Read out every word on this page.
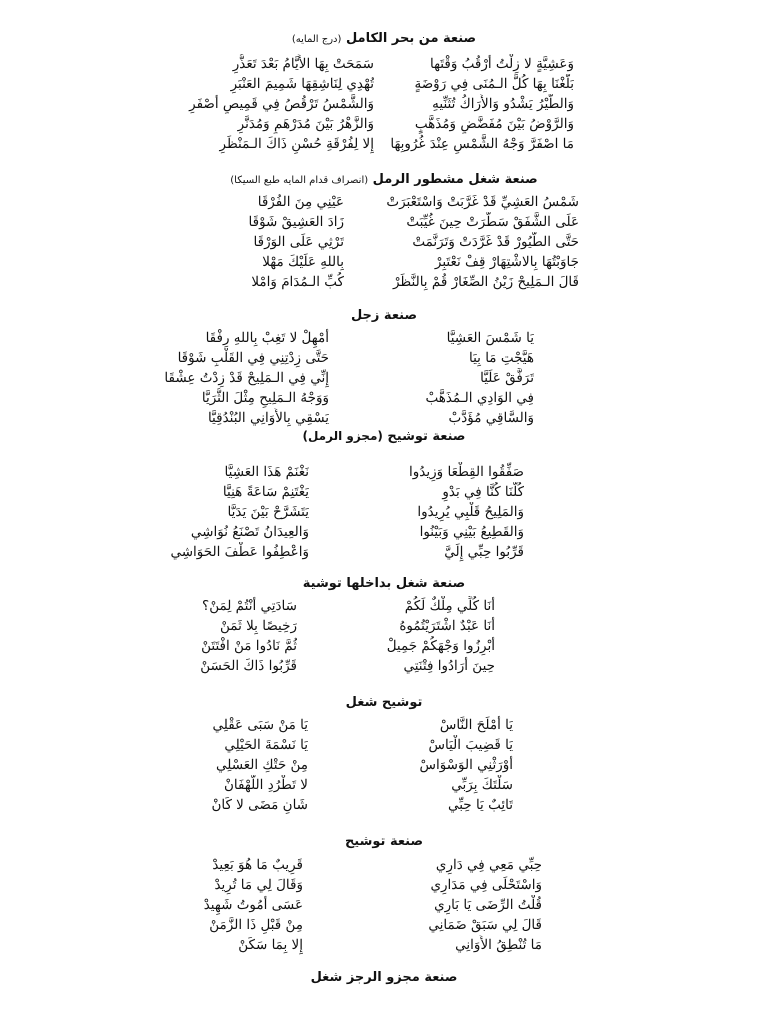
صنعة من بحر الكامل (درج المايه)
وَعَشِيَّةٍ لا زِلْتُ أَرْقُبُ وَقْتَها
سَمَحَتْ بِهَا الأَيَّامُ بَعْدَ تَعَذُّرِ
بَلَّغْنَا بِهَا كُلَّ الـمُنَى فِي رَوْضَةٍ
تُهْدِي لِنَاشِقِهَا شَمِيمَ العَنْبَرِ
وَالطَّيْرُ يَشْدُو وَالأَرَاكُ تُثَنِّيهِ
وَالشَّمْسُ تَرْقُصُ فِي قَمِيصٍ أَصْفَرِ
وَالرَّوْضُ بَيْنَ مُفَضَّضٍ وَمُذَهَّبٍ
وَالزَّهْرُ بَيْنَ مُدَرْهَمٍ وَمُدَنَّرِ
مَا اصْفَرَّ وَجْهُ الشَّمْسِ عِنْدَ غُرُوبِهَا
إِلا لِفُرْقَةِ حُسْنِ ذَاكَ الـمَنْظَرِ
صنعة شغل مشطور الرمل (انصراف قدام المايه طبع السيكا)
شَمْسُ العَشِيِّ قَدْ غَرَّبَتْ وَاسْتَعْبَرَتْ
عَيْنِي مِنَ الفُرْقَا
عَلَى الشَّفَقْ سَطَّرَتْ حِينَ غُيِّبَتْ
زَادَ العَشِيقْ شَوْقَا
حَتَّى الطُّيُورْ قَدْ غَرَّدَتْ وَتَرَنَّمَتْ
تَرْثِي عَلَى الوَرْقَا
جَاوَبْتُهَا بِالاشْتِهَارْ قِفْ نَعْتَبِرْ
بِاللهِ عَلَيْكَ مَهْلا
قَالَ الـمَلِيحْ زَيْنُ الصِّغَارْ قُمْ بِالنَّظَرْ
كُبِّ الـمُدَامَ وَامْلا
صنعة زجل
يَا شَمْسَ العَشِيَّا
أَمْهِلْ لا تَغِبْ بِاللهِ رِفْقَا
هَيَّجْتِ مَا بِيَا
حَتَّى زِدْتِنِي فِي القَلْبِ شَوْقَا
تَرَفَّقْ عَلَيَّا
إِنِّي فِي الـمَلِيحْ قَدْ زِدْتُ عِشْقَا
فِي الوَادِي الـمُذَهَّبْ
وَوَجْهُ الـمَلِيحِ مِثْلَ الثُّرَيَّا
وَالسَّاقِي مُؤَدَّبْ
يَسْقِي بِالأَوَانِي البُنْدُقِيَّا
صنعة توشيح (مجزو الرمل)
صَفِّقُوا القِطْعَا وَزِيدُوا
نَغْنَمْ هَذَا العَشِيَّا
كُلُّنَا كُنَّا فِي بَدْوِ
يَغْتَنِمْ سَاعَةً هَنِيَّا
وَالمَلِيحُ قَلْبِي يُرِيدُوا
يَتَشَرَّحْ بَيْنَ يَدَيَّا
وَالقَطِيعُ بَيْنِي وَبَيْنُوا
وَالعِيدَانُ تَصْنَعُ نُوَاشِي
قَرِّبُوا حِبِّي إِلَيَّ
وَاعْطِفُوا عَطْفَ الحَوَاشِي
صنعة شغل بداخلها توشية
أَنَا كُلِّي مِلْكٌ لَكُمْ
سَادَتِي أَنْتُمْ لِمَنْ؟
أَنَا عَبْدٌ اشْتَرَيْتُمُوهُ
رَخِيصًا بِلا ثَمَنْ
أَبْرِزُوا وَجْهَكُمْ جَمِيلْ
ثُمَّ نَادُوا مَنْ افْتَتَنْ
حِينَ أَرَادُوا فِتْنَتِي
قَرِّبُوا ذَاكَ الحَسَنْ
توشيح شغل
يَا أَمْلَحَ النَّاسْ
يَا مَنْ سَبَى عَقْلِي
يَا قَضِيبَ الْيَاسْ
يَا نَسْمَةَ الحَيْلِي
أَوْرَثْنِي الوَسْوَاسْ
مِنْ حَتْكِ العَسْلِي
سَلْتَكَ بِرَبِّي
لا تَطْرُدِ اللَّهْفَانْ
تَائِبٌ يَا حِبِّي
شَانِ مَضَى لا كَانْ
صنعة توشيح
حِبِّي مَعِي فِي دَارِي
قَرِيبٌ مَا هُوَ بَعِيدْ
وَاسْتَحْلَى فِي مَدَارِي
وَقَالَ لِي مَا تُرِيدْ
قُلْتُ الرِّضَى يَا بَارِي
عَسَى أَمُوتُ شَهِيدْ
قَالَ لِي سَبَقْ ضَمَانِي
مِنْ قَبْلِ ذَا الزَّمَنْ
مَا تُنْطِقُ الأَوَانِي
إِلا بِمَا سَكَنْ
صنعة مجزو الرجز شغل
